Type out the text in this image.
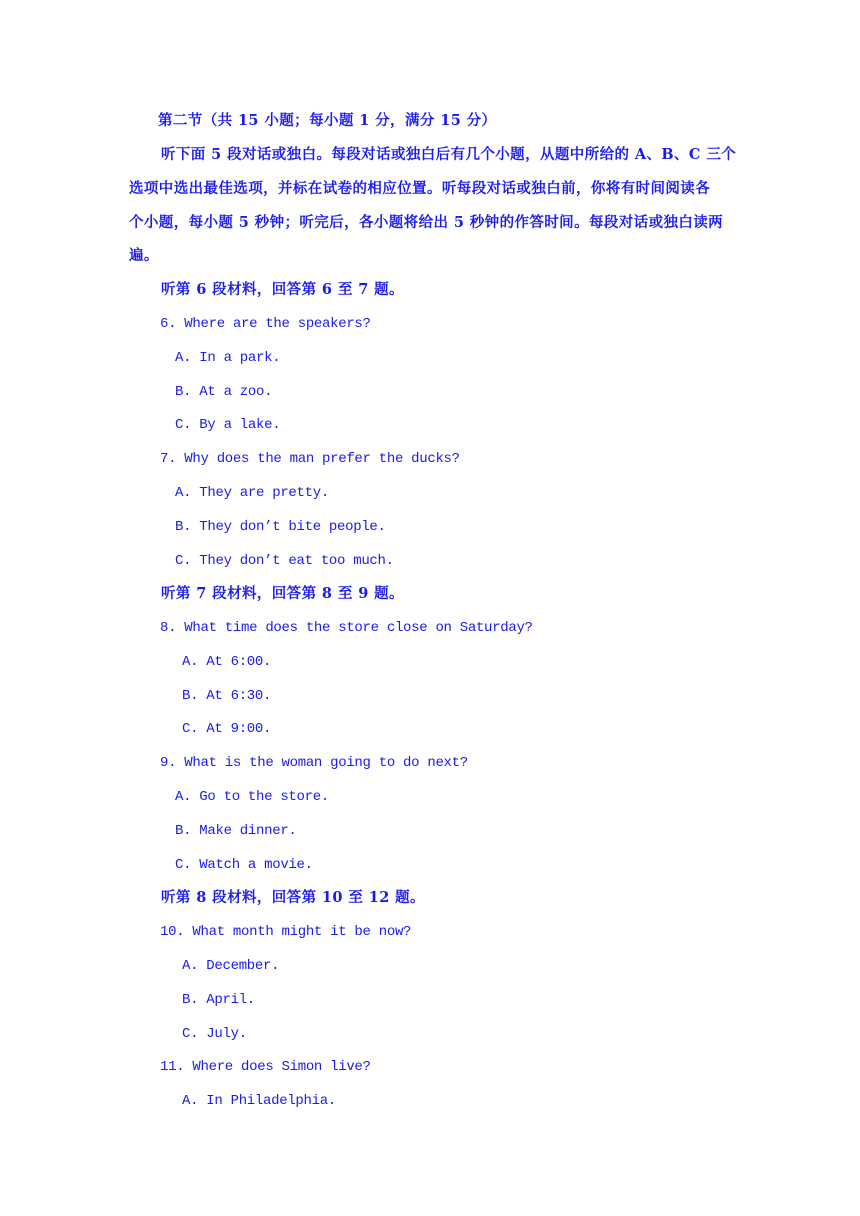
第二节（共 15 小题；每小题 1 分，满分 15 分）
听下面 5 段对话或独白。每段对话或独白后有几个小题，从题中所给的 A、B、C 三个
选项中选出最佳选项，并标在试卷的相应位置。听每段对话或独白前，你将有时间阅读各
个小题，每小题 5 秒钟；听完后，各小题将给出 5 秒钟的作答时间。每段对话或独白读两
遍。
听第 6 段材料，回答第 6 至 7 题。
6. Where are the speakers?
A. In a park.
B. At a zoo.
C. By a lake.
7. Why does the man prefer the ducks?
A. They are pretty.
B. They don’t bite people.
C. They don’t eat too much.
听第 7 段材料，回答第 8 至 9 题。
8. What time does the store close on Saturday?
A. At 6:00.
B. At 6:30.
C. At 9:00.
9. What is the woman going to do next?
A. Go to the store.
B. Make dinner.
C. Watch a movie.
听第 8 段材料，回答第 10 至 12 题。
10. What month might it be now?
A. December.
B. April.
C. July.
11. Where does Simon live?
A. In Philadelphia.
